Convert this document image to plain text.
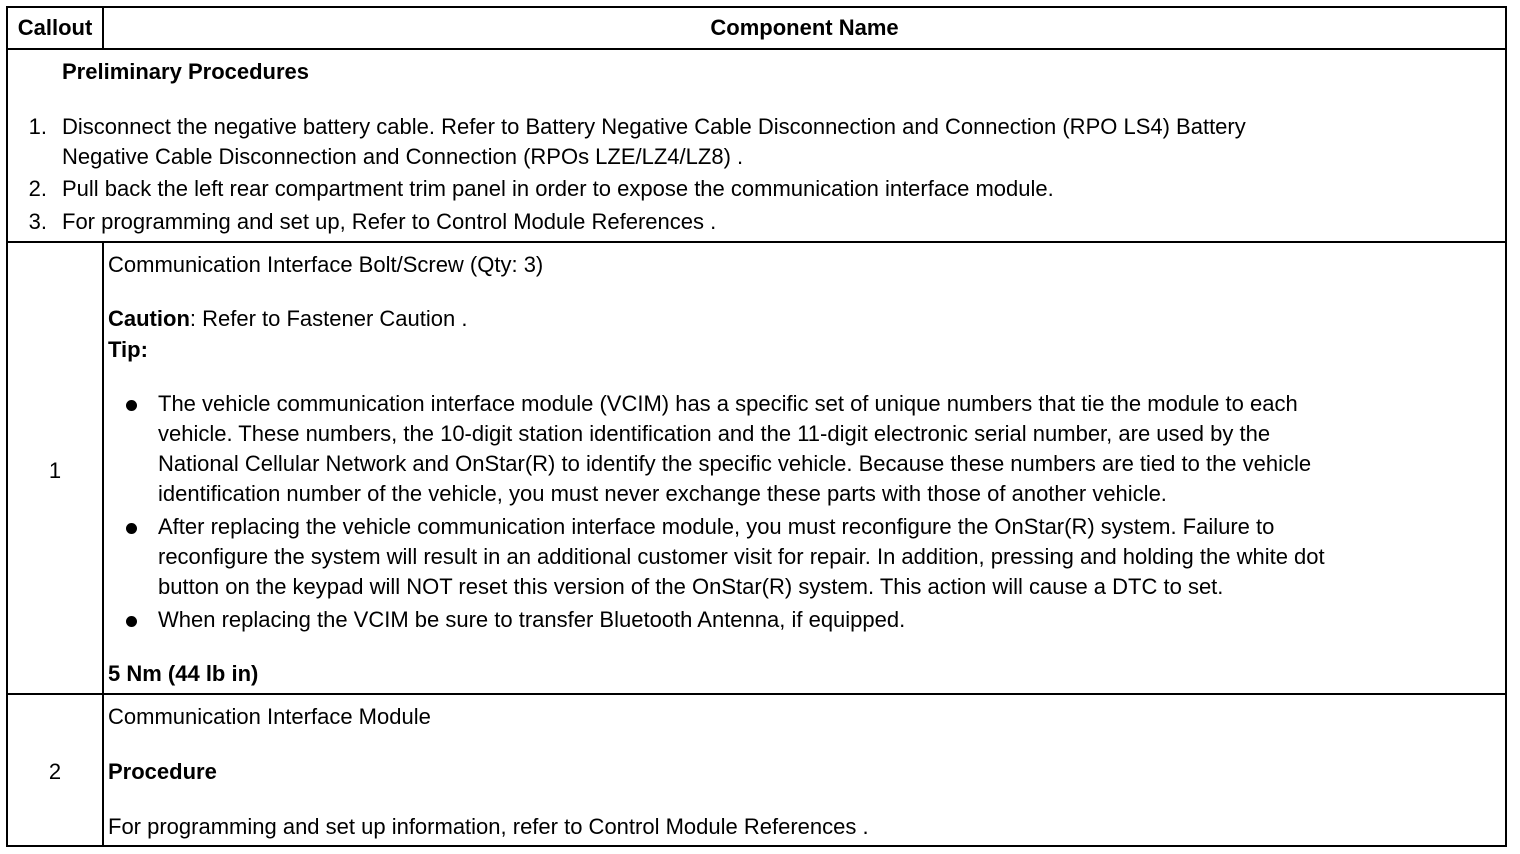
Callout	Component Name
Preliminary Procedures
1. Disconnect the negative battery cable. Refer to Battery Negative Cable Disconnection and Connection (RPO LS4) Battery
Negative Cable Disconnection and Connection (RPOs LZE/LZ4/LZ8) .
2. Pull back the left rear compartment trim panel in order to expose the communication interface module.
3. For programming and set up, Refer to Control Module References .
1
Communication Interface Bolt/Screw (Qty: 3)
Caution: Refer to Fastener Caution .
Tip:
The vehicle communication interface module (VCIM) has a specific set of unique numbers that tie the module to each
vehicle. These numbers, the 10-digit station identification and the 11-digit electronic serial number, are used by the
National Cellular Network and OnStar(R) to identify the specific vehicle. Because these numbers are tied to the vehicle
identification number of the vehicle, you must never exchange these parts with those of another vehicle.
After replacing the vehicle communication interface module, you must reconfigure the OnStar(R) system. Failure to
reconfigure the system will result in an additional customer visit for repair. In addition, pressing and holding the white dot
button on the keypad will NOT reset this version of the OnStar(R) system. This action will cause a DTC to set.
When replacing the VCIM be sure to transfer Bluetooth Antenna, if equipped.
5 Nm (44 lb in)
2
Communication Interface Module
Procedure
For programming and set up information, refer to Control Module References .
